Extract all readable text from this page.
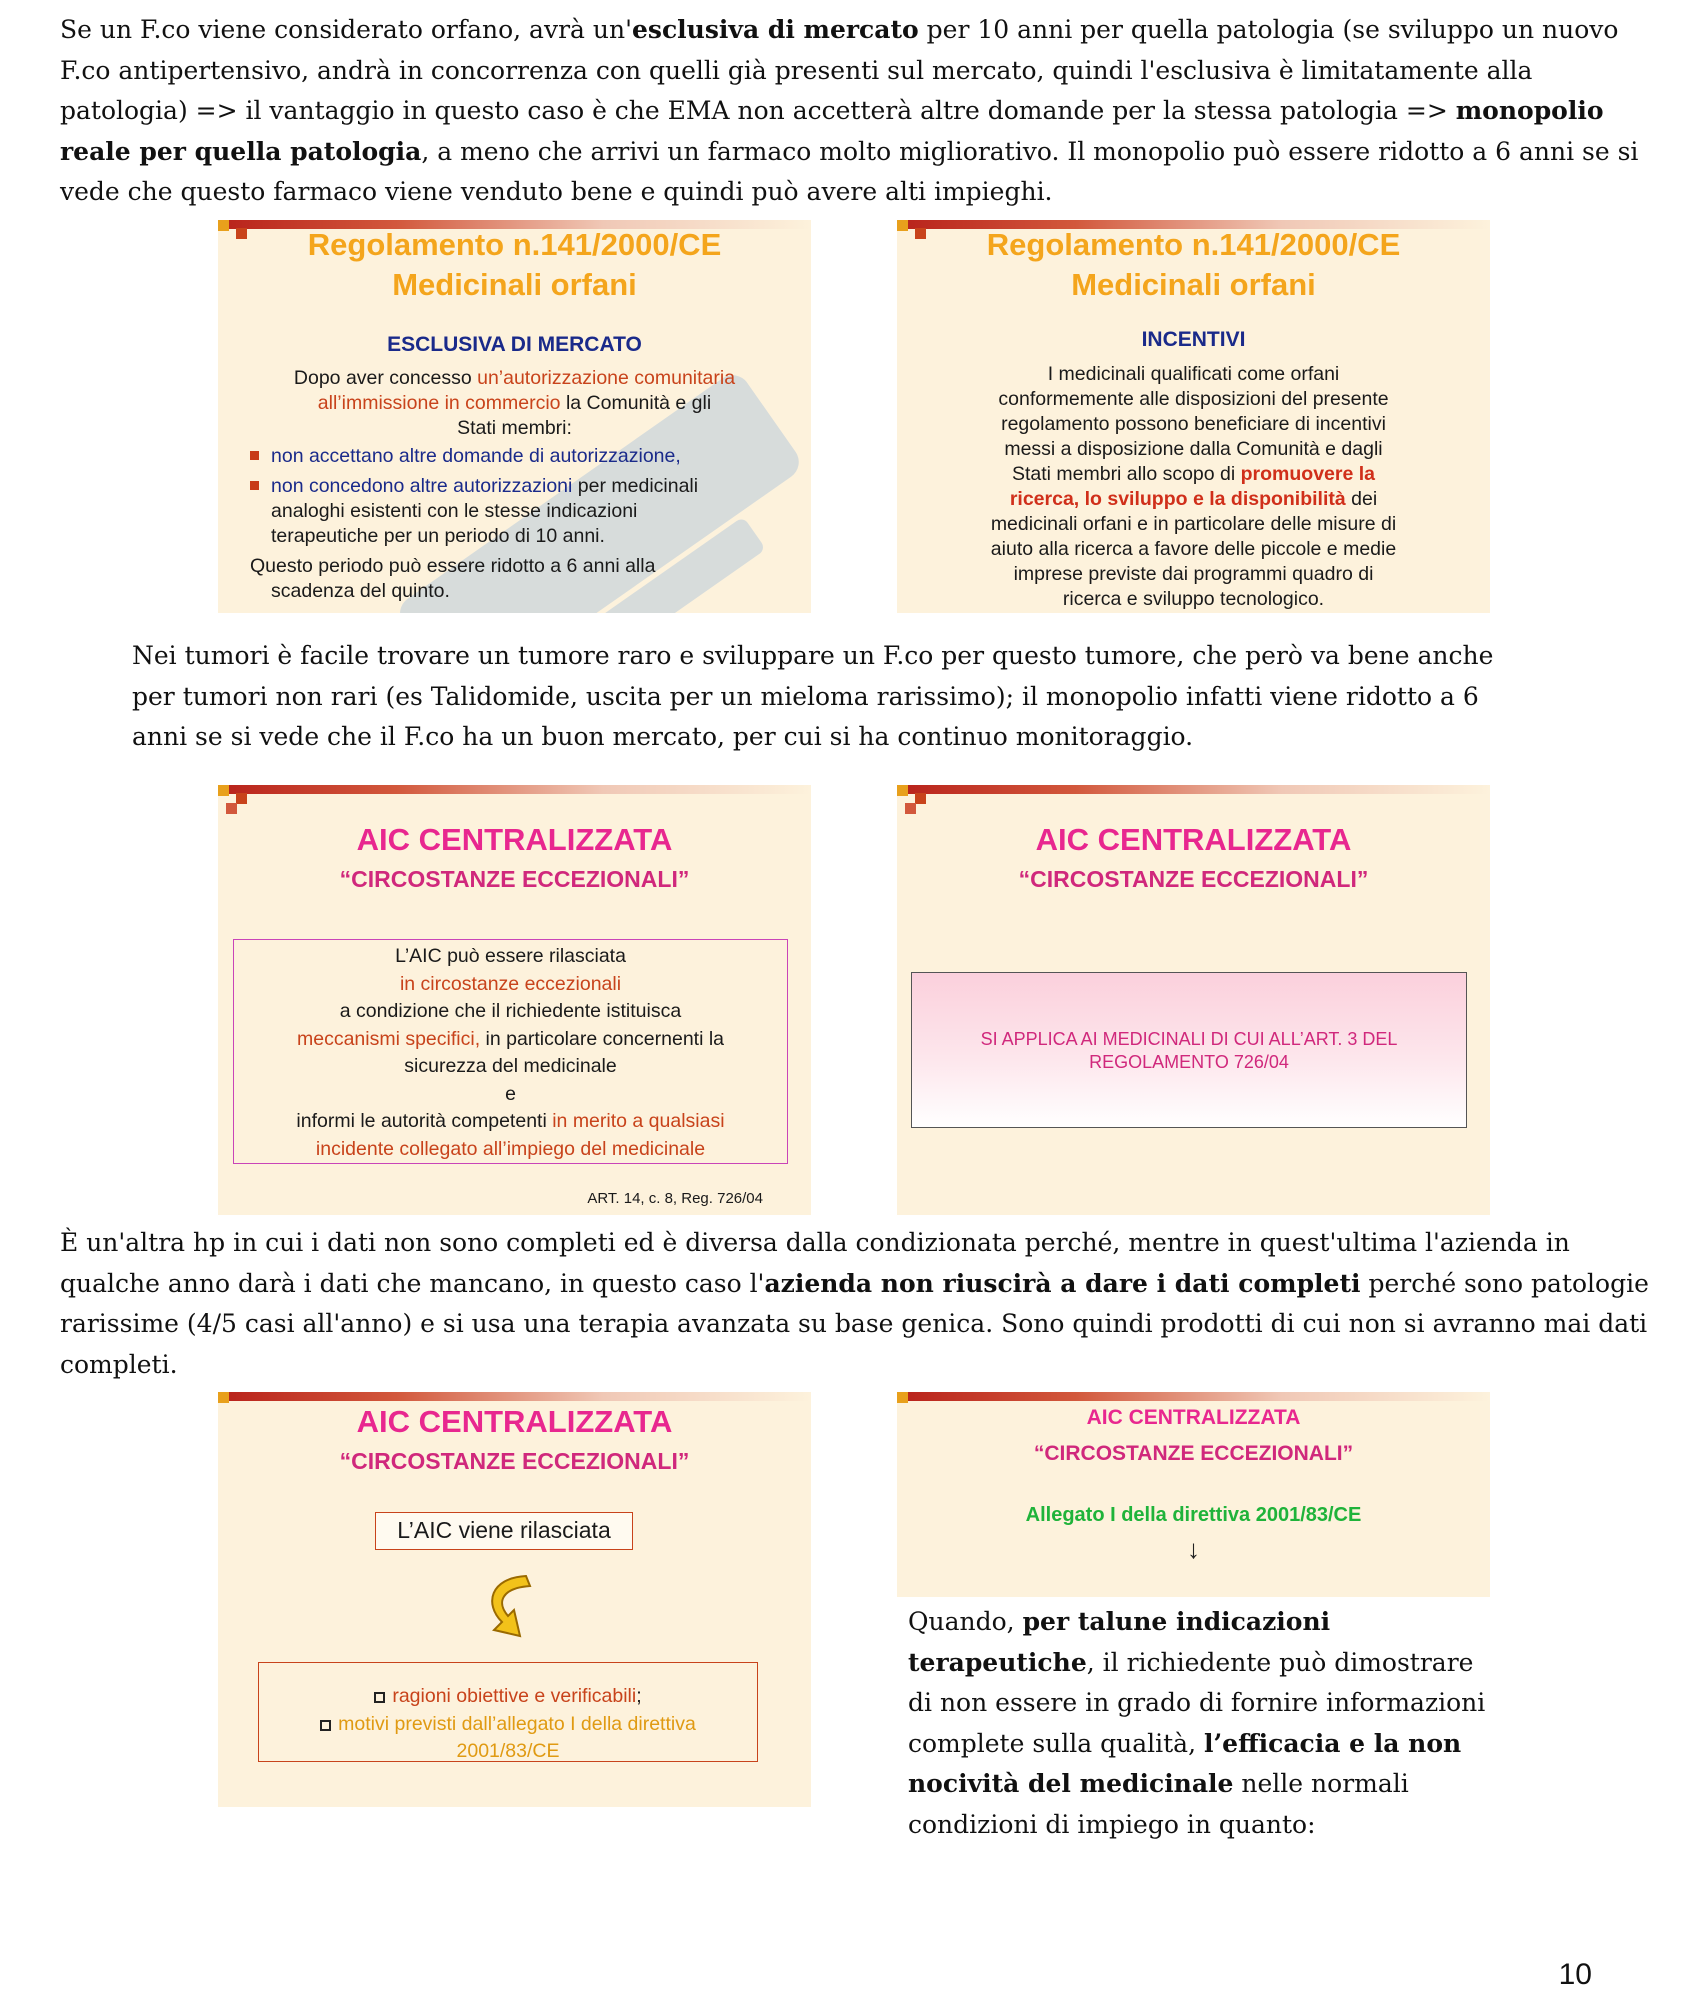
Se un F.co viene considerato orfano, avrà un'esclusiva di mercato per 10 anni per quella patologia (se sviluppo un nuovo F.co antipertensivo, andrà in concorrenza con quelli già presenti sul mercato, quindi l'esclusiva è limitatamente alla patologia) => il vantaggio in questo caso è che EMA non accetterà altre domande per la stessa patologia => monopolio reale per quella patologia, a meno che arrivi un farmaco molto migliorativo. Il monopolio può essere ridotto a 6 anni se si vede che questo farmaco viene venduto bene e quindi può avere alti impieghi.
Regolamento n.141/2000/CE
Medicinali orfani
ESCLUSIVA DI MERCATO
Dopo aver concesso un’autorizzazione comunitaria
all’immissione in commercio la Comunità e gli
Stati membri:
non accettano altre domande di autorizzazione,
non concedono altre autorizzazioni per medicinali
analoghi esistenti con le stesse indicazioni
terapeutiche per un periodo di 10 anni.
Questo periodo può essere ridotto a 6 anni alla
scadenza del quinto.
Regolamento n.141/2000/CE
Medicinali orfani
INCENTIVI
I medicinali qualificati come orfani
conformemente alle disposizioni del presente
regolamento possono beneficiare di incentivi
messi a disposizione dalla Comunità e dagli
Stati membri allo scopo di promuovere la
ricerca, lo sviluppo e la disponibilità dei
medicinali orfani e in particolare delle misure di
aiuto alla ricerca a favore delle piccole e medie
imprese previste dai programmi quadro di
ricerca e sviluppo tecnologico.
Nei tumori è facile trovare un tumore raro e sviluppare un F.co per questo tumore, che però va bene anche per tumori non rari (es Talidomide, uscita per un mieloma rarissimo); il monopolio infatti viene ridotto a 6 anni se si vede che il F.co ha un buon mercato, per cui si ha continuo monitoraggio.
AIC CENTRALIZZATA
“CIRCOSTANZE ECCEZIONALI”
L’AIC può essere rilasciata
in circostanze eccezionali
a condizione che il richiedente istituisca
meccanismi specifici, in particolare concernenti la
sicurezza del medicinale
e
informi le autorità competenti in merito a qualsiasi
incidente collegato all’impiego del medicinale
ART. 14, c. 8, Reg. 726/04
AIC CENTRALIZZATA
“CIRCOSTANZE ECCEZIONALI”
SI APPLICA AI MEDICINALI DI CUI ALL’ART. 3 DEL
REGOLAMENTO 726/04
È un'altra hp in cui i dati non sono completi ed è diversa dalla condizionata perché, mentre in quest'ultima l'azienda in qualche anno darà i dati che mancano, in questo caso l'azienda non riuscirà a dare i dati completi perché sono patologie rarissime (4/5 casi all'anno) e si usa una terapia avanzata su base genica. Sono quindi prodotti di cui non si avranno mai dati completi.
AIC CENTRALIZZATA
“CIRCOSTANZE ECCEZIONALI”
L’AIC viene rilasciata
ragioni obiettive e verificabili;
motivi previsti dall’allegato I della direttiva
2001/83/CE
AIC CENTRALIZZATA
“CIRCOSTANZE ECCEZIONALI”
Allegato I della direttiva 2001/83/CE
↓
Quando, per talune indicazioni terapeutiche, il richiedente può dimostrare di non essere in grado di fornire informazioni complete sulla qualità, l’efficacia e la non nocività del medicinale nelle normali condizioni di impiego in quanto:
10
